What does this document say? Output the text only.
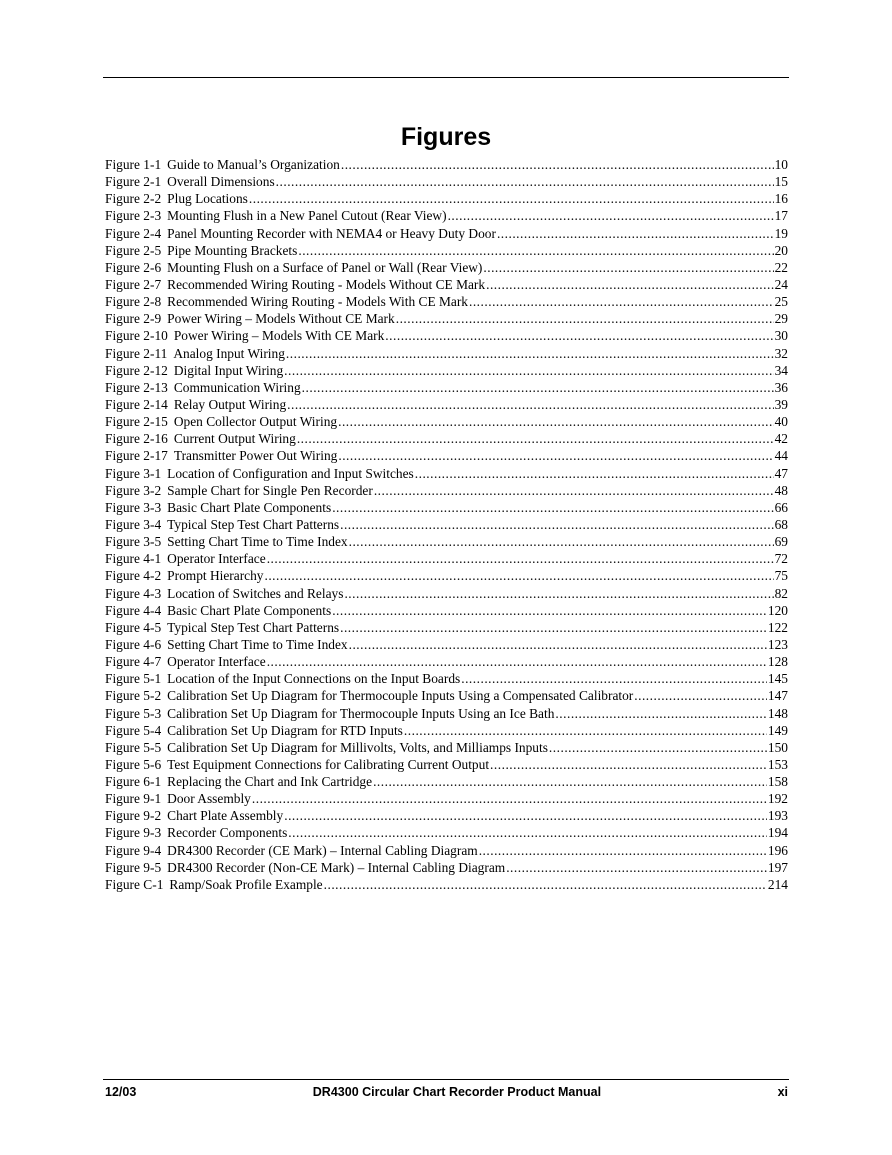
Figures
Figure 1-1 Guide to Manual’s Organization .....	10
Figure 2-1 Overall Dimensions .....	15
Figure 2-2 Plug Locations .....	16
Figure 2-3 Mounting Flush in a New Panel Cutout (Rear View) .....	17
Figure 2-4 Panel Mounting Recorder with NEMA4 or Heavy Duty Door .....	19
Figure 2-5 Pipe Mounting Brackets .....	20
Figure 2-6 Mounting Flush on a Surface of Panel or Wall (Rear View) .....	22
Figure 2-7 Recommended Wiring Routing - Models Without CE Mark .....	24
Figure 2-8 Recommended Wiring Routing - Models With CE Mark .....	25
Figure 2-9 Power Wiring – Models Without CE Mark .....	29
Figure 2-10 Power Wiring – Models With CE Mark .....	30
Figure 2-11 Analog Input Wiring .....	32
Figure 2-12 Digital Input Wiring .....	34
Figure 2-13 Communication Wiring .....	36
Figure 2-14 Relay Output Wiring .....	39
Figure 2-15 Open Collector Output Wiring .....	40
Figure 2-16 Current Output Wiring .....	42
Figure 2-17 Transmitter Power Out Wiring .....	44
Figure 3-1 Location of Configuration and Input Switches .....	47
Figure 3-2 Sample Chart for Single Pen Recorder .....	48
Figure 3-3 Basic Chart Plate Components .....	66
Figure 3-4 Typical Step Test Chart Patterns .....	68
Figure 3-5 Setting Chart Time to Time Index .....	69
Figure 4-1 Operator Interface .....	72
Figure 4-2 Prompt Hierarchy .....	75
Figure 4-3 Location of Switches and Relays .....	82
Figure 4-4 Basic Chart Plate Components .....	120
Figure 4-5 Typical Step Test Chart Patterns .....	122
Figure 4-6 Setting Chart Time to Time Index .....	123
Figure 4-7 Operator Interface .....	128
Figure 5-1 Location of the Input Connections on the Input Boards .....	145
Figure 5-2 Calibration Set Up Diagram for Thermocouple Inputs Using a Compensated Calibrator .....	147
Figure 5-3 Calibration Set Up Diagram for Thermocouple Inputs Using an Ice Bath .....	148
Figure 5-4 Calibration Set Up Diagram for RTD Inputs .....	149
Figure 5-5 Calibration Set Up Diagram for Millivolts, Volts, and Milliamps Inputs .....	150
Figure 5-6 Test Equipment Connections for Calibrating Current Output .....	153
Figure 6-1 Replacing the Chart and Ink Cartridge .....	158
Figure 9-1 Door Assembly .....	192
Figure 9-2 Chart Plate Assembly .....	193
Figure 9-3 Recorder Components .....	194
Figure 9-4 DR4300 Recorder (CE Mark) – Internal Cabling Diagram .....	196
Figure 9-5 DR4300 Recorder (Non-CE Mark) – Internal Cabling Diagram .....	197
Figure C-1 Ramp/Soak Profile Example .....	214
12/03	DR4300 Circular Chart Recorder Product Manual	xi
